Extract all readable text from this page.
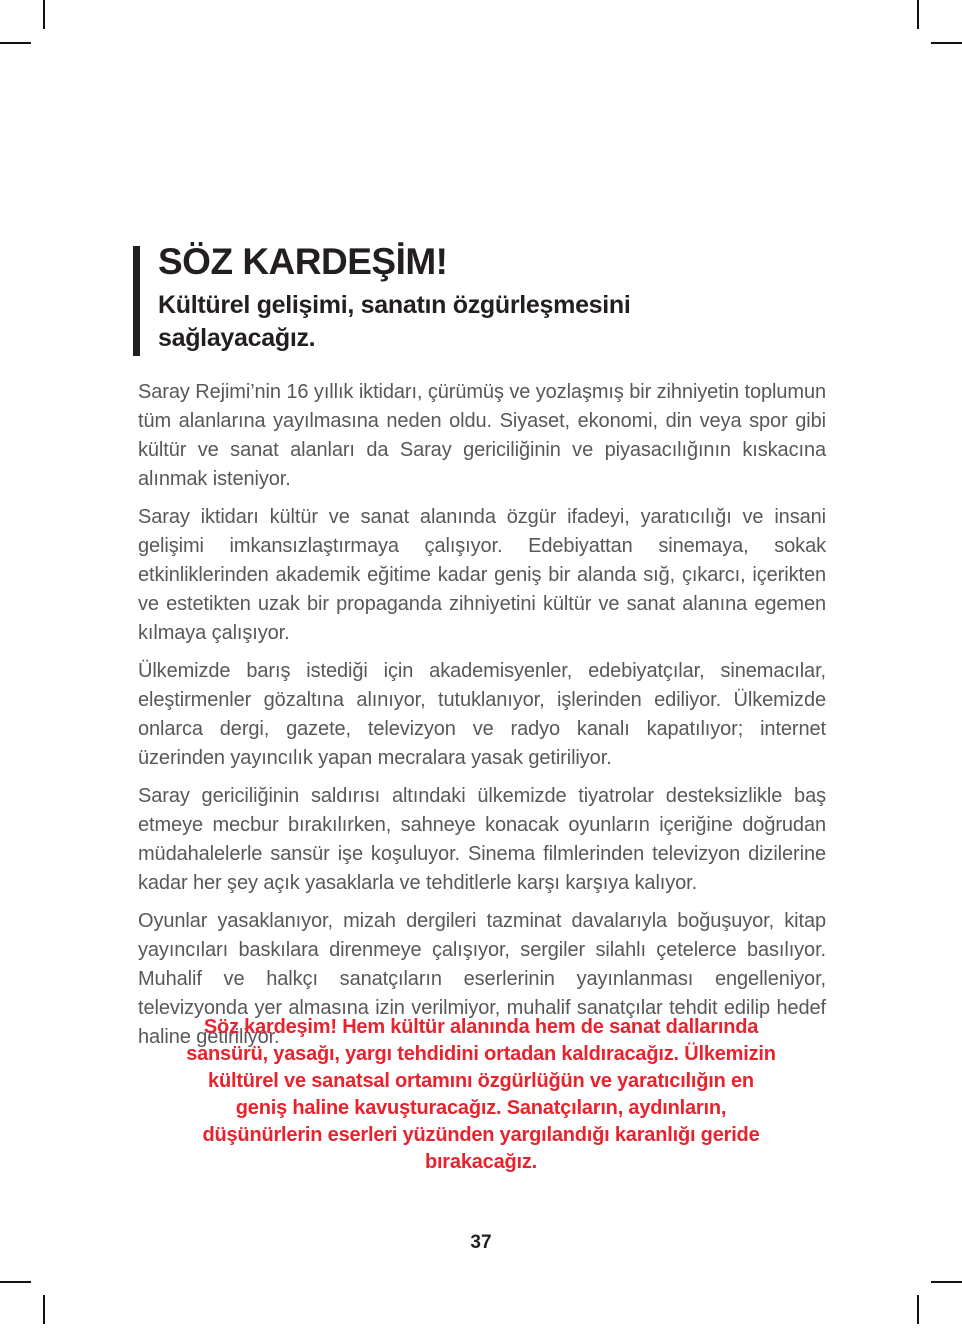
SÖZ KARDEŞİM!
Kültürel gelişimi, sanatın özgürleşmesini sağlayacağız.

Saray Rejimi’nin 16 yıllık iktidarı, çürümüş ve yozlaşmış bir zihniyetin toplumun tüm alanlarına yayılmasına neden oldu. Siyaset, ekonomi, din veya spor gibi kültür ve sanat alanları da Saray gericiliğinin ve piyasacılığının kıskacına alınmak isteniyor.

Saray iktidarı kültür ve sanat alanında özgür ifadeyi, yaratıcılığı ve insani gelişimi imkansızlaştırmaya çalışıyor. Edebiyattan sinemaya, sokak etkinliklerinden akademik eğitime kadar geniş bir alanda sığ, çıkarcı, içerikten ve estetikten uzak bir propaganda zihniyetini kültür ve sanat alanına egemen kılmaya çalışıyor.

Ülkemizde barış istediği için akademisyenler, edebiyatçılar, sinemacılar, eleştirmenler gözaltına alınıyor, tutuklanıyor, işlerinden ediliyor. Ülkemizde onlarca dergi, gazete, televizyon ve radyo kanalı kapatılıyor; internet üzerinden yayıncılık yapan mecralara yasak getiriliyor.

Saray gericiliğinin saldırısı altındaki ülkemizde tiyatrolar desteksizlikle baş etmeye mecbur bırakılırken, sahneye konacak oyunların içeriğine doğrudan müdahalelerle sansür işe koşuluyor. Sinema filmlerinden televizyon dizilerine kadar her şey açık yasaklarla ve tehditlerle karşı karşıya kalıyor.

Oyunlar yasaklanıyor, mizah dergileri tazminat davalarıyla boğuşuyor, kitap yayıncıları baskılara direnmeye çalışıyor, sergiler silahlı çetelerce basılıyor. Muhalif ve halkçı sanatçıların eserlerinin yayınlanması engelleniyor, televizyonda yer almasına izin verilmiyor, muhalif sanatçılar tehdit edilip hedef haline getiriliyor.

Söz kardeşim! Hem kültür alanında hem de sanat dallarında sansürü, yasağı, yargı tehdidini ortadan kaldıracağız. Ülkemizin kültürel ve sanatsal ortamını özgürlüğün ve yaratıcılığın en geniş haline kavuşturacağız. Sanatçıların, aydınların, düşünürlerin eserleri yüzünden yargılandığı karanlığı geride bırakacağız.
37
